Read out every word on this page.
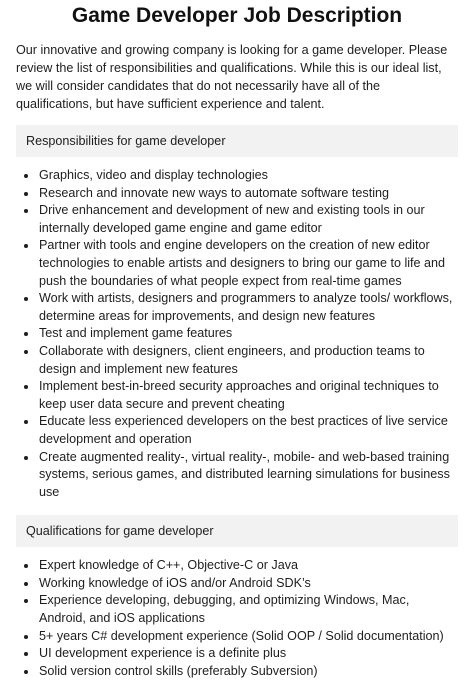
Game Developer Job Description

Our innovative and growing company is looking for a game developer. Please review the list of responsibilities and qualifications. While this is our ideal list, we will consider candidates that do not necessarily have all of the qualifications, but have sufficient experience and talent.

Responsibilities for game developer
Graphics, video and display technologies
Research and innovate new ways to automate software testing
Drive enhancement and development of new and existing tools in our internally developed game engine and game editor
Partner with tools and engine developers on the creation of new editor technologies to enable artists and designers to bring our game to life and push the boundaries of what people expect from real-time games
Work with artists, designers and programmers to analyze tools/ workflows, determine areas for improvements, and design new features
Test and implement game features
Collaborate with designers, client engineers, and production teams to design and implement new features
Implement best-in-breed security approaches and original techniques to keep user data secure and prevent cheating
Educate less experienced developers on the best practices of live service development and operation
Create augmented reality-, virtual reality-, mobile- and web-based training systems, serious games, and distributed learning simulations for business use
Qualifications for game developer
Expert knowledge of C++, Objective-C or Java
Working knowledge of iOS and/or Android SDK’s
Experience developing, debugging, and optimizing Windows, Mac, Android, and iOS applications
5+ years C# development experience (Solid OOP / Solid documentation)
UI development experience is a definite plus
Solid version control skills (preferably Subversion)
